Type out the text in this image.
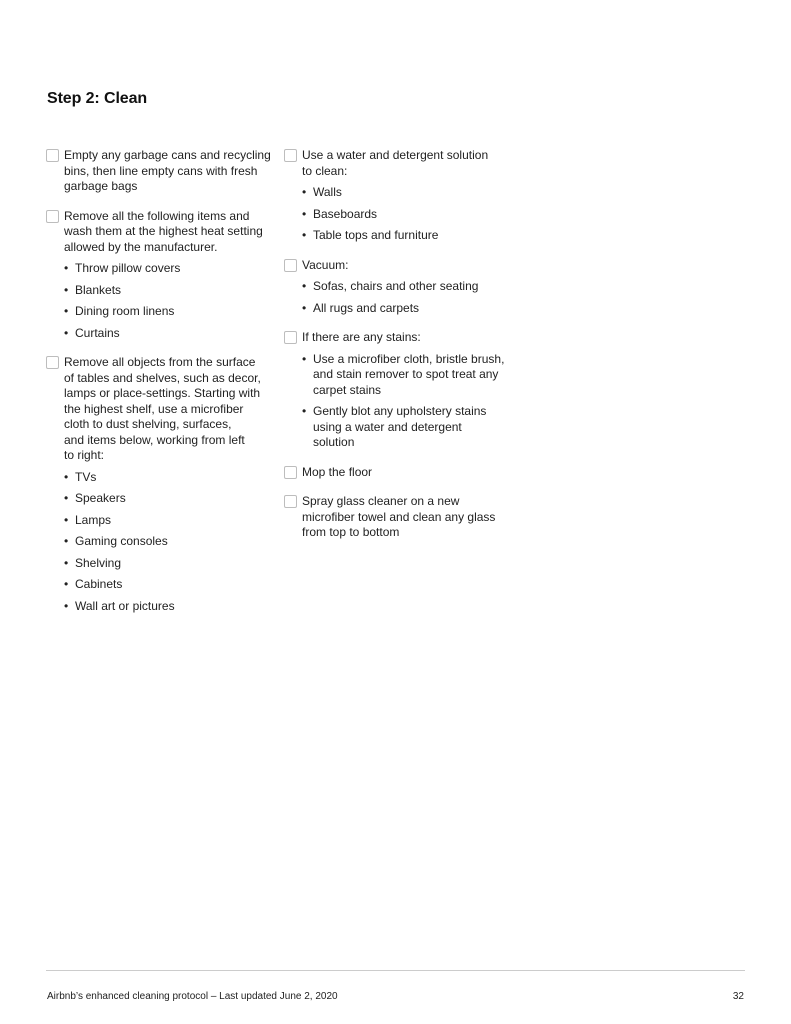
Step 2: Clean
Empty any garbage cans and recycling
bins, then line empty cans with fresh
garbage bags
Remove all the following items and
wash them at the highest heat setting
allowed by the manufacturer.
• Throw pillow covers
• Blankets
• Dining room linens
• Curtains
Remove all objects from the surface
of tables and shelves, such as decor,
lamps or place-settings. Starting with
the highest shelf, use a microfiber
cloth to dust shelving, surfaces,
and items below, working from left
to right:
• TVs
• Speakers
• Lamps
• Gaming consoles
• Shelving
• Cabinets
• Wall art or pictures
Use a water and detergent solution
to clean:
• Walls
• Baseboards
• Table tops and furniture
Vacuum:
• Sofas, chairs and other seating
• All rugs and carpets
If there are any stains:
• Use a microfiber cloth, bristle brush,
and stain remover to spot treat any
carpet stains
• Gently blot any upholstery stains
using a water and detergent
solution
Mop the floor
Spray glass cleaner on a new
microfiber towel and clean any glass
from top to bottom
Airbnb’s enhanced cleaning protocol – Last updated June 2, 2020	32
